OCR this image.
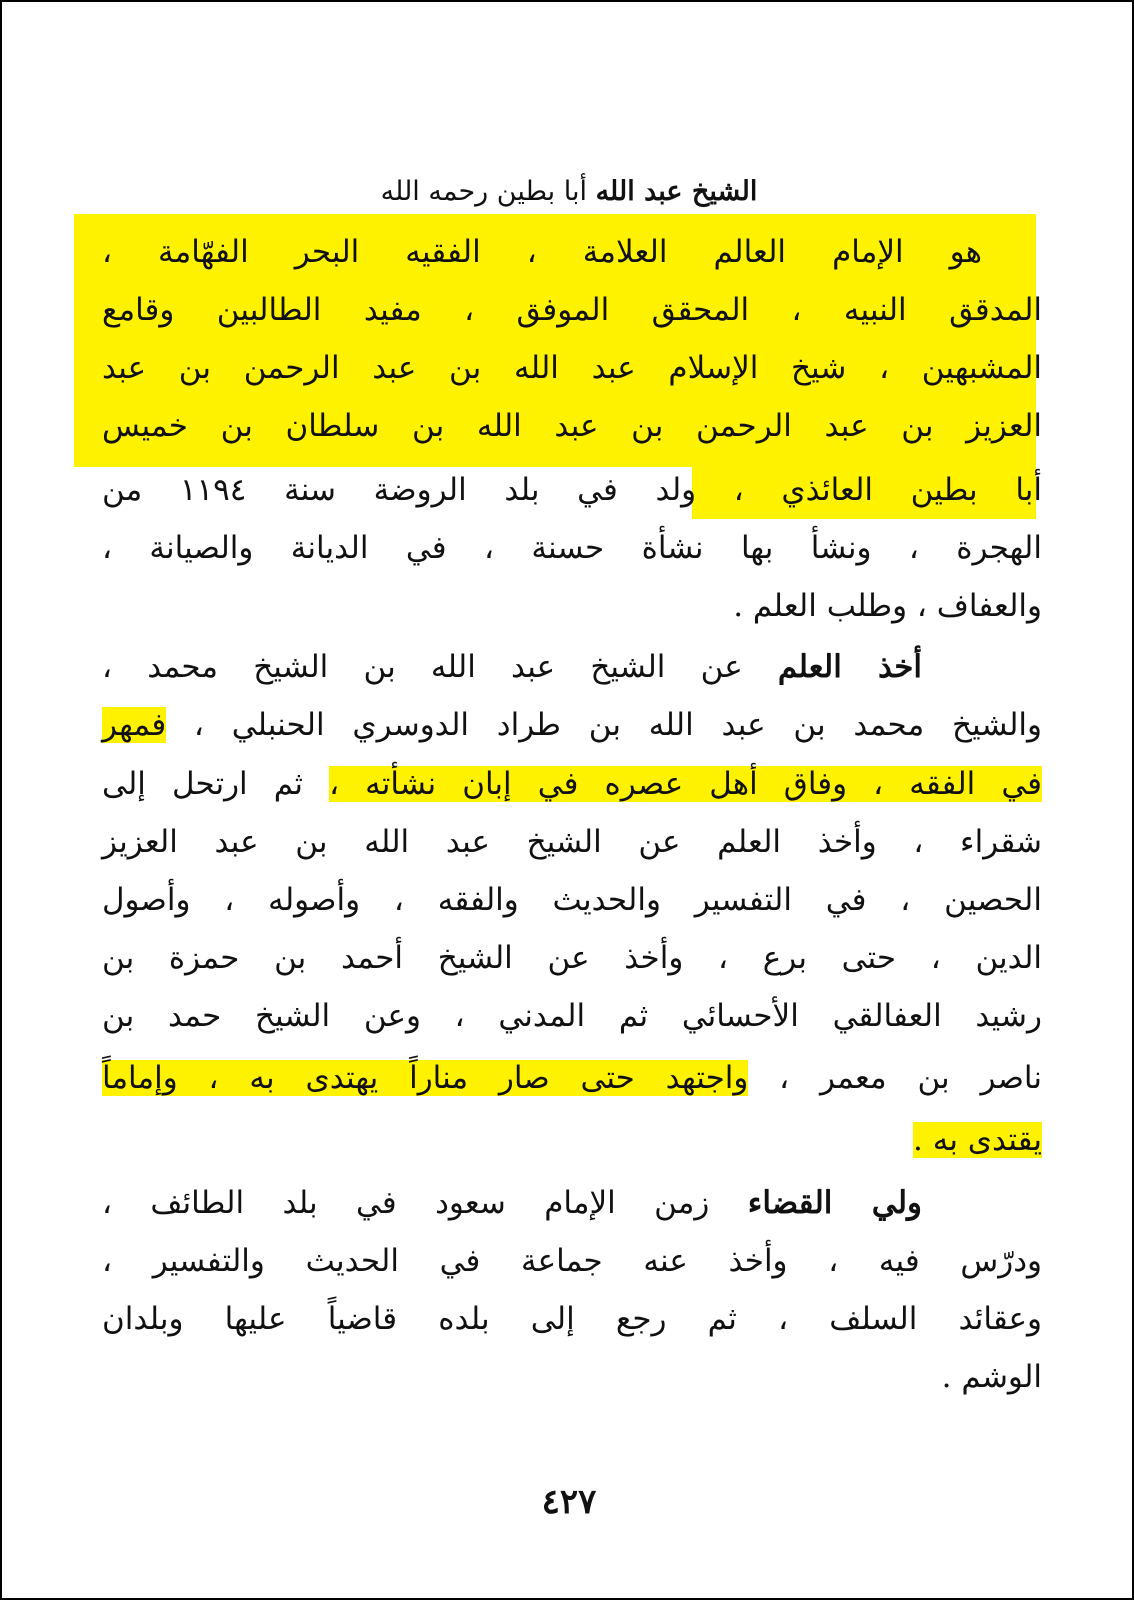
الشيخ عبد الله أبا بطين رحمه الله
هو الإمام العالم العلامة ، الفقيه البحر الفهّامة ،
المدقق النبيه ، المحقق الموفق ، مفيد الطالبين وقامع
المشبهين ، شيخ الإسلام عبد الله بن عبد الرحمن بن عبد
العزيز بن عبد الرحمن بن عبد الله بن سلطان بن خميس
أبا بطين العائذي ، ولد في بلد الروضة سنة ١١٩٤ من
الهجرة ، ونشأ بها نشأة حسنة ، في الديانة والصيانة ،
والعفاف ، وطلب العلم .
أخذ العلم عن الشيخ عبد الله بن الشيخ محمد ،
والشيخ محمد بن عبد الله بن طراد الدوسري الحنبلي ، فمهر
في الفقه ، وفاق أهل عصره في إبان نشأته ، ثم ارتحل إلى
شقراء ، وأخذ العلم عن الشيخ عبد الله بن عبد العزيز
الحصين ، في التفسير والحديث والفقه ، وأصوله ، وأصول
الدين ، حتى برع ، وأخذ عن الشيخ أحمد بن حمزة بن
رشيد العفالقي الأحسائي ثم المدني ، وعن الشيخ حمد بن
ناصر بن معمر ، واجتهد حتى صار مناراً يهتدى به ، وإماماً
يقتدى به .
ولي القضاء زمن الإمام سعود في بلد الطائف ،
ودرّس فيه ، وأخذ عنه جماعة في الحديث والتفسير ،
وعقائد السلف ، ثم رجع إلى بلده قاضياً عليها وبلدان
الوشم .
٤٢٧
